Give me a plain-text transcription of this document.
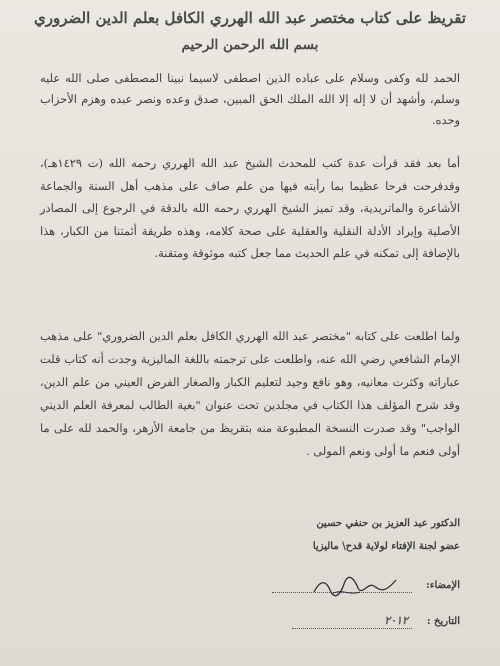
تقريظ على كتاب مختصر عبد الله الهرري الكافل بعلم الدين الضروري
بسم الله الرحمن الرحيم
الحمد لله وكفى وسلام على عباده الذين اصطفى لاسيما نبينا المصطفى صلى الله عليه وسلم، وأشهد أن لا إله إلا الله الملك الحق المبين، صدق وعده ونصر عبده وهزم الأحزاب وحده.
أما بعد فقد قرأت عدة كتب للمحدث الشيخ عبد الله الهرري رحمه الله (ت ١٤٢٩هـ)، وقدفرحت فرحا عظيما بما رأيته فيها من علم صاف على مذهب أهل السنة والجماعة الأشاعرة والماتريدية، وقد تميز الشيخ الهرري رحمه الله بالدقة في الرجوع إلى المصادر الأصلية وإيراد الأدلة النقلية والعقلية على صحة كلامه، وهذه طريقة أئمتنا من الكبار، هذا بالإضافة إلى تمكنه في علم الحديث مما جعل كتبه موثوقة ومتقنة.
ولما اطلعت على كتابه "مختصر عبد الله الهرري الكافل بعلم الدين الضروري" على مذهب الإمام الشافعي رضي الله عنه، واطلعت على ترجمته باللغة الماليزية وجدت أنه كتاب قلت عباراته وكثرت معانيه، وهو نافع وجيد لتعليم الكبار والصغار الفرض العيني من علم الدين، وقد شرح المؤلف هذا الكتاب في مجلدين تحت عنوان "بغية الطالب لمعرفة العلم الديني الواجب" وقد صدرت النسخة المطبوعة منه بتقريظ من جامعة الأزهر، والحمد لله على ما أولى فنعم ما أولى ونعم المولى .
الدكتور عبد العزيز بن حنفي حسين
عضو لجنة الإفتاء لولاية قدح\ ماليزيا
الإمضاء:
التاريخ :
٢٠١٢
